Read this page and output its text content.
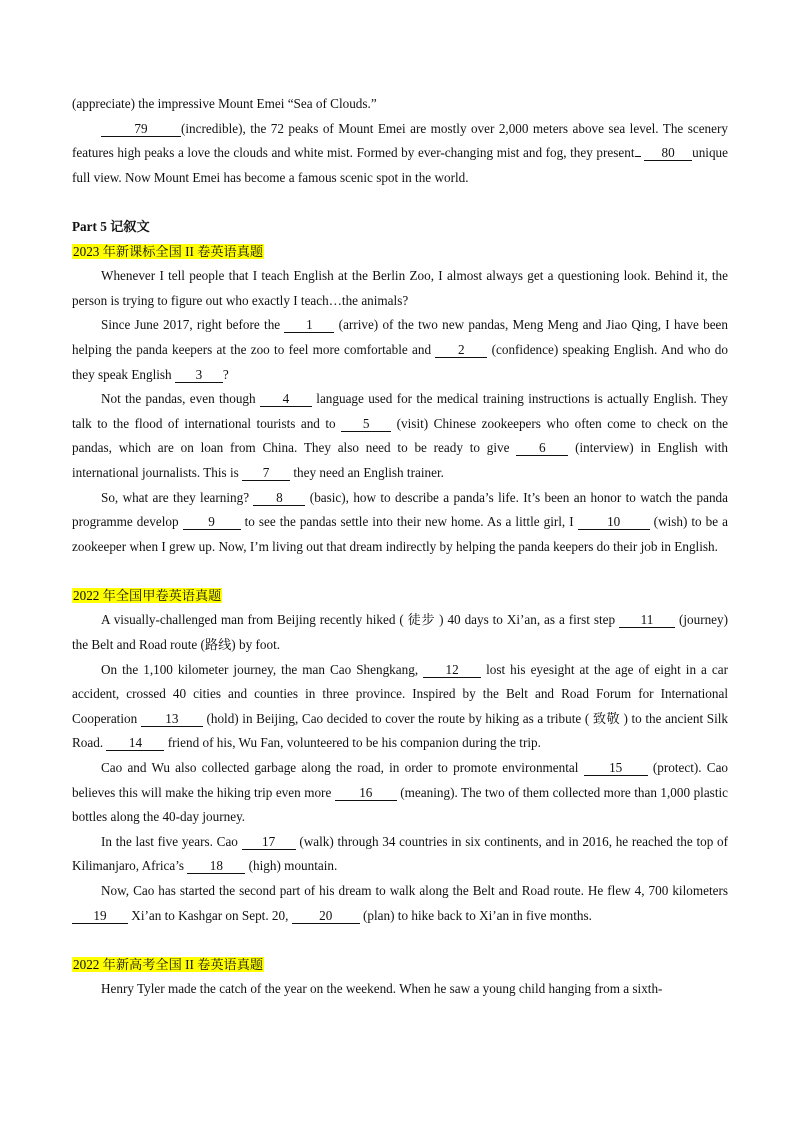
(appreciate) the impressive Mount Emei “Sea of Clouds.”

79	(incredible), the 72 peaks of Mount Emei are mostly over 2,000 meters above sea level. The scenery features high peaks a love the clouds and white mist. Formed by ever-changing mist and fog, they present 80 unique full view. Now Mount Emei has become a famous scenic spot in the world.

Part 5 记叙文

2023 年新课标全国 II 卷英语真题

Whenever I tell people that I teach English at the Berlin Zoo, I almost always get a questioning look. Behind it, the person is trying to figure out who exactly I teach…the animals?

Since June 2017, right before the 1 (arrive) of the two new pandas, Meng Meng and Jiao Qing, I have been helping the panda keepers at the zoo to feel more comfortable and 2 (confidence) speaking English. And who do they speak English 3 ?

Not the pandas, even though 4 language used for the medical training instructions is actually English. They talk to the flood of international tourists and to 5 (visit) Chinese zookeepers who often come to check on the pandas, which are on loan from China. They also need to be ready to give 6 (interview) in English with international journalists. This is 7 they need an English trainer.

So, what are they learning? 8 (basic), how to describe a panda’s life. It’s been an honor to watch the panda programme develop 9 to see the pandas settle into their new home. As a little girl, I	10	(wish) to be a zookeeper when I grew up. Now, I’m living out that dream indirectly by helping the panda keepers do their job in English.

2022 年全国甲卷英语真题

A visually-challenged man from Beijing recently hiked ( 徒步 ) 40 days to Xi’an, as a first step 11 (journey) the Belt and Road route (路线) by foot.

On the 1,100 kilometer journey, the man Cao Shengkang, 12 lost his eyesight at the age of eight in a car accident, crossed 40 cities and counties in three province. Inspired by the Belt and Road Forum for International Cooperation 13 (hold) in Beijing, Cao decided to cover the route by hiking as a tribute ( 致敬 ) to the ancient Silk Road. 14 friend of his, Wu Fan, volunteered to be his companion during the trip.

Cao and Wu also collected garbage along the road, in order to promote environmental 15 (protect). Cao believes this will make the hiking trip even more 16 (meaning). The two of them collected more than 1,000 plastic bottles along the 40-day journey.

In the last five years. Cao 17 (walk) through 34 countries in six continents, and in 2016, he reached the top of Kilimanjaro, Africa’s 18 (high) mountain.

Now, Cao has started the second part of his dream to walk along the Belt and Road route. He flew 4, 700 kilometers 19 Xi’an to Kashgar on Sept. 20, 20 (plan) to hike back to Xi’an in five months.

2022 年新高考全国 II 卷英语真题

Henry Tyler made the catch of the year on the weekend. When he saw a young child hanging from a sixth-
